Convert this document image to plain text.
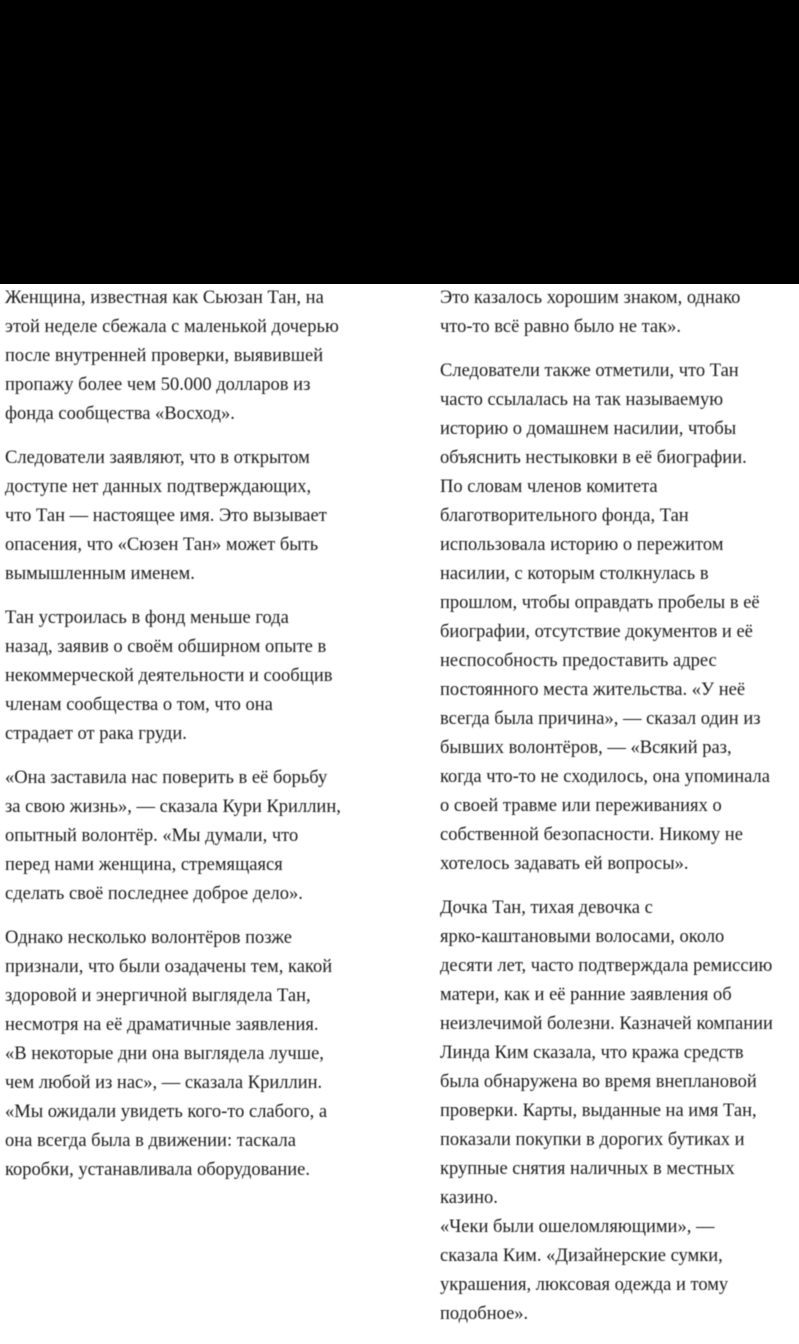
Женщина, известная как Сьюзан Тан, на
этой неделе сбежала с маленькой дочерью
после внутренней проверки, выявившей
пропажу более чем 50.000 долларов из
фонда сообщества «Восход».
Следователи заявляют, что в открытом
доступе нет данных подтверждающих,
что Тан — настоящее имя. Это вызывает
опасения, что «Сюзен Тан» может быть
вымышленным именем.
Тан устроилась в фонд меньше года
назад, заявив о своём обширном опыте в
некоммерческой деятельности и сообщив
членам сообщества о том, что она
страдает от рака груди.
«Она заставила нас поверить в её борьбу
за свою жизнь», — сказала Кури Криллин,
опытный волонтёр. «Мы думали, что
перед нами женщина, стремящаяся
сделать своё последнее доброе дело».
Однако несколько волонтёров позже
признали, что были озадачены тем, какой
здоровой и энергичной выглядела Тан,
несмотря на её драматичные заявления.
«В некоторые дни она выглядела лучше,
чем любой из нас», — сказала Криллин.
«Мы ожидали увидеть кого-то слабого, а
она всегда была в движении: таскала
коробки, устанавливала оборудование.
Это казалось хорошим знаком, однако
что-то всё равно было не так».
Следователи также отметили, что Тан
часто ссылалась на так называемую
историю о домашнем насилии, чтобы
объяснить нестыковки в её биографии.
По словам членов комитета
благотворительного фонда, Тан
использовала историю о пережитом
насилии, с которым столкнулась в
прошлом, чтобы оправдать пробелы в её
биографии, отсутствие документов и её
неспособность предоставить адрес
постоянного места жительства. «У неё
всегда была причина», — сказал один из
бывших волонтёров, — «Всякий раз,
когда что-то не сходилось, она упоминала
о своей травме или переживаниях о
собственной безопасности. Никому не
хотелось задавать ей вопросы».
Дочка Тан, тихая девочка с
ярко-каштановыми волосами, около
десяти лет, часто подтверждала ремиссию
матери, как и её ранние заявления об
неизлечимой болезни. Казначей компании
Линда Ким сказала, что кража средств
была обнаружена во время внеплановой
проверки. Карты, выданные на имя Тан,
показали покупки в дорогих бутиках и
крупные снятия наличных в местных
казино.
«Чеки были ошеломляющими», —
сказала Ким. «Дизайнерские сумки,
украшения, люксовая одежда и тому
подобное».
